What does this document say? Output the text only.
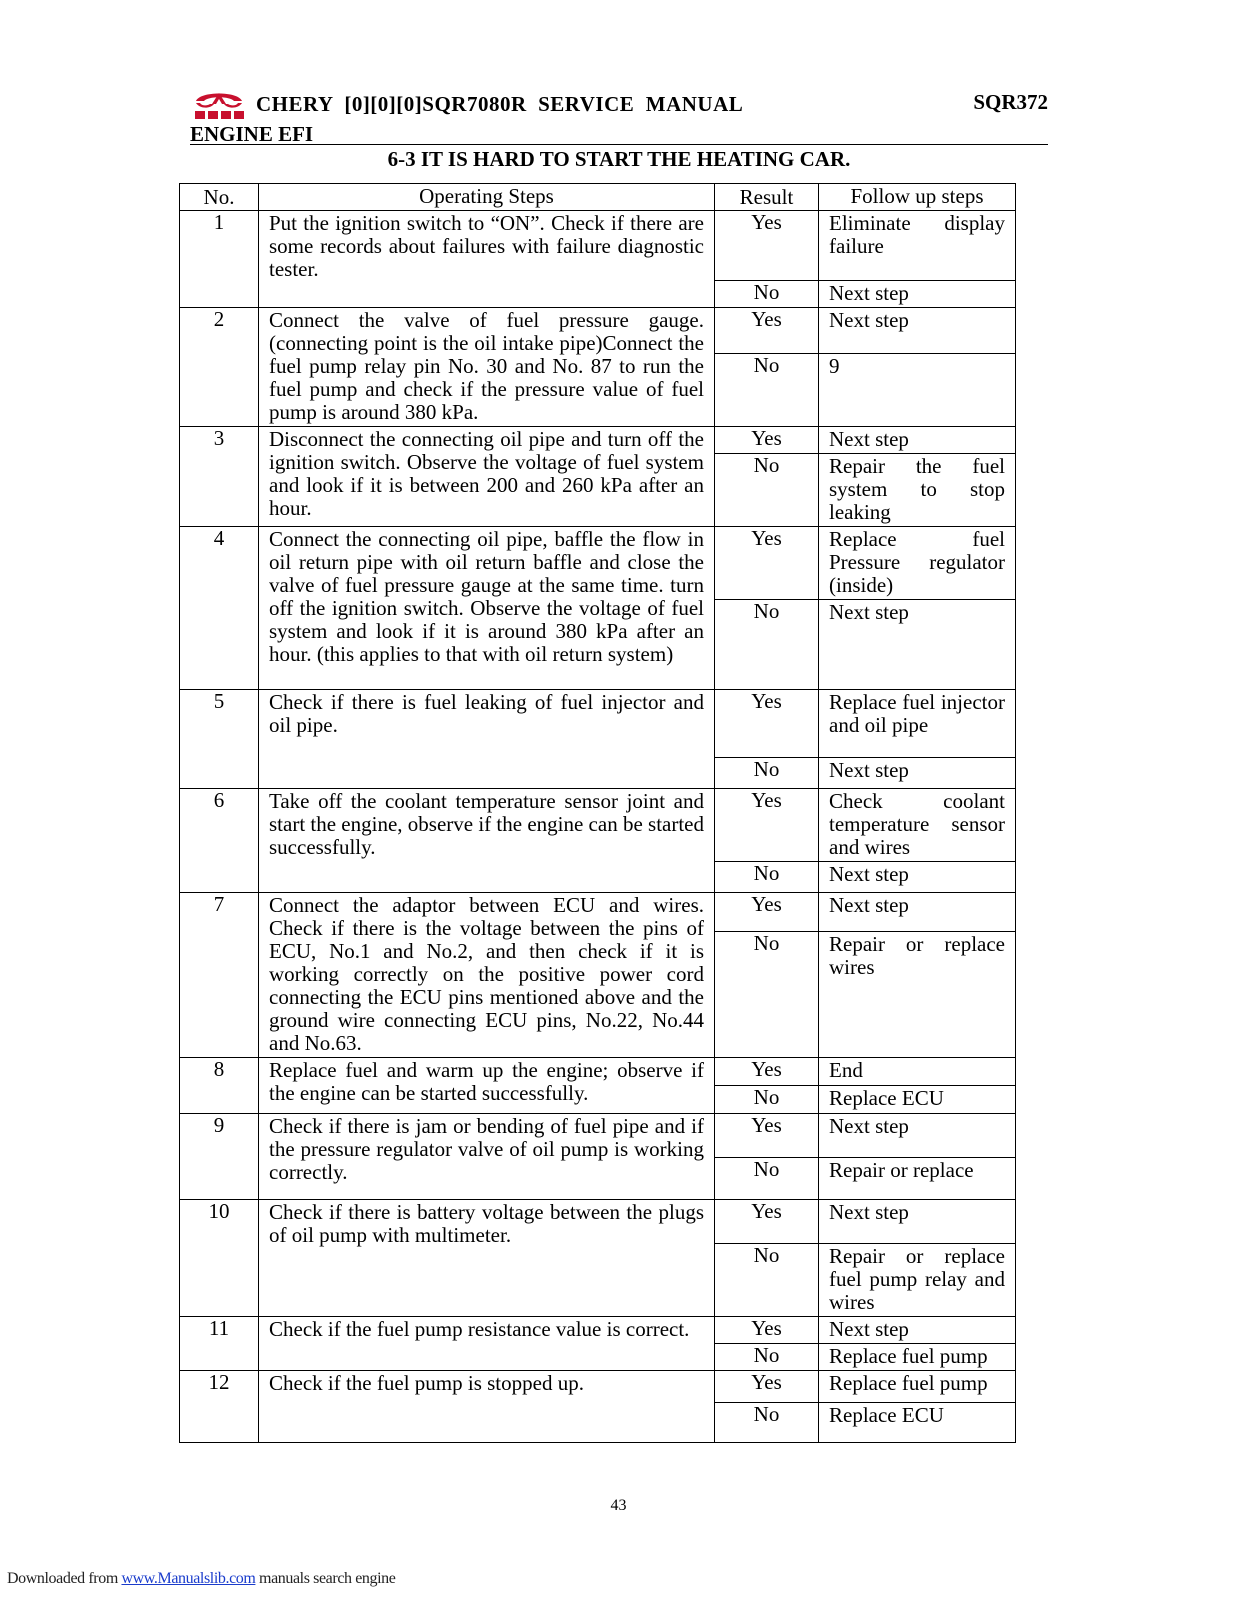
CHERY  [0][0][0]SQR7080R  SERVICE  MANUAL	SQR372
ENGINE EFI
6-3 IT IS HARD TO START THE HEATING CAR.
No.	Operating Steps	Result	Follow up steps
1	Put the ignition switch to “ON”. Check if there are some records about failures with failure diagnostic tester.	Yes	Eliminate display failure
		No	Next step
2	Connect the valve of fuel pressure gauge. (connecting point is the oil intake pipe)Connect the fuel pump relay pin No. 30 and No. 87 to run the fuel pump and check if the pressure value of fuel pump is around 380 kPa.	Yes	Next step
		No	9
3	Disconnect the connecting oil pipe and turn off the ignition switch. Observe the voltage of fuel system and look if it is between 200 and 260 kPa after an hour.	Yes	Next step
		No	Repair the fuel system to stop leaking
4	Connect the connecting oil pipe, baffle the flow in oil return pipe with oil return baffle and close the valve of fuel pressure gauge at the same time. turn off the ignition switch. Observe the voltage of fuel system and look if it is around 380 kPa after an hour. (this applies to that with oil return system)	Yes	Replace fuel Pressure regulator (inside)
		No	Next step
5	Check if there is fuel leaking of fuel injector and oil pipe.	Yes	Replace fuel injector and oil pipe
		No	Next step
6	Take off the coolant temperature sensor joint and start the engine, observe if the engine can be started successfully.	Yes	Check coolant temperature sensor and wires
		No	Next step
7	Connect the adaptor between ECU and wires. Check if there is the voltage between the pins of ECU, No.1 and No.2, and then check if it is working correctly on the positive power cord connecting the ECU pins mentioned above and the ground wire connecting ECU pins, No.22, No.44 and No.63.	Yes	Next step
		No	Repair or replace wires
8	Replace fuel and warm up the engine; observe if the engine can be started successfully.	Yes	End
		No	Replace ECU
9	Check if there is jam or bending of fuel pipe and if the pressure regulator valve of oil pump is working correctly.	Yes	Next step
		No	Repair or replace
10	Check if there is battery voltage between the plugs of oil pump with multimeter.	Yes	Next step
		No	Repair or replace fuel pump relay and wires
11	Check if the fuel pump resistance value is correct.	Yes	Next step
		No	Replace fuel pump
12	Check if the fuel pump is stopped up.	Yes	Replace fuel pump
		No	Replace ECU
43
Downloaded from www.Manualslib.com manuals search engine
